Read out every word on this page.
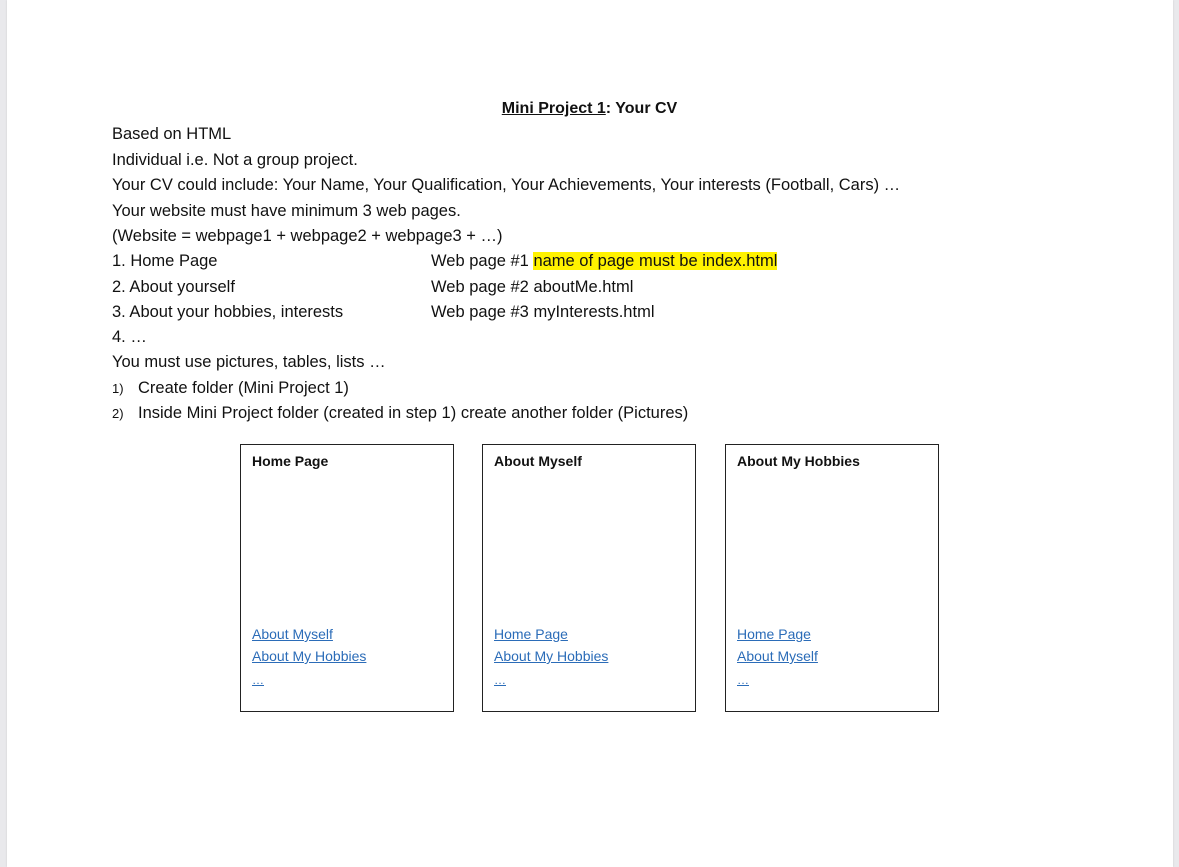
Mini Project 1: Your CV
Based on HTML
Individual i.e. Not a group project.
Your CV could include: Your Name, Your Qualification, Your Achievements, Your interests (Football, Cars) …
Your website must have minimum 3 web pages.
(Website = webpage1 + webpage2 + webpage3 + …)
1. Home Page	Web page #1 name of page must be index.html
2. About yourself	Web page #2 aboutMe.html
3. About your hobbies, interests	Web page #3 myInterests.html
4. …
You must use pictures, tables, lists …
1) Create folder (Mini Project 1)
2) Inside Mini Project folder (created in step 1) create another folder (Pictures)
Home Page
About Myself
About My Hobbies
…
About Myself
Home Page
About My Hobbies
…
About My Hobbies
Home Page
About Myself
…
